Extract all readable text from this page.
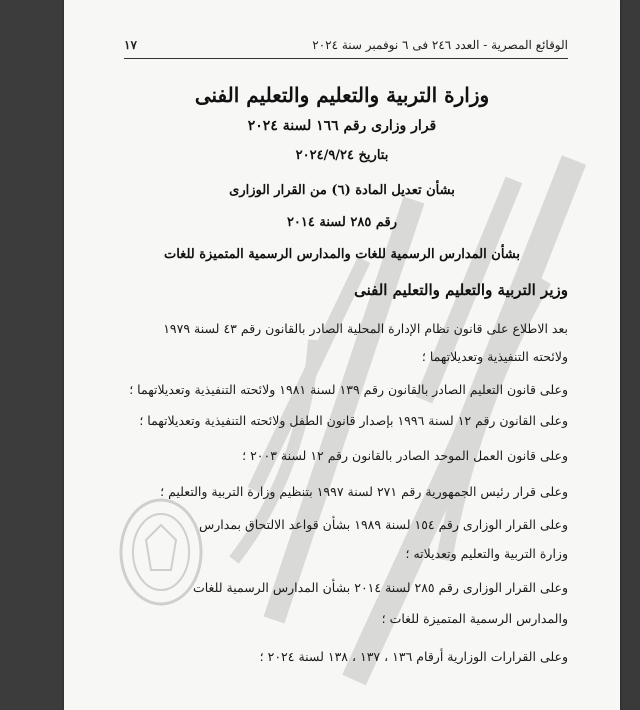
الوقائع المصرية - العدد ٢٤٦ فى ٦ نوفمبر سنة ٢٠٢٤
١٧
وزارة التربية والتعليم والتعليم الفنى
قرار وزارى رقم ١٦٦ لسنة ٢٠٢٤
بتاريخ ٢٠٢٤/٩/٢٤
بشأن تعديل المادة (٦) من القرار الوزارى
رقم ٢٨٥ لسنة ٢٠١٤
بشأن المدارس الرسمية للغات والمدارس الرسمية المتميزة للغات
وزير التربية والتعليم والتعليم الفنى
بعد الاطلاع على قانون نظام الإدارة المحلية الصادر بالقانون رقم ٤٣ لسنة ١٩٧٩
ولائحته التنفيذية وتعديلاتهما ؛
وعلى قانون التعليم الصادر بالقانون رقم ١٣٩ لسنة ١٩٨١ ولائحته التنفيذية وتعديلاتهما ؛
وعلى القانون رقم ١٢ لسنة ١٩٩٦ بإصدار قانون الطفل ولائحته التنفيذية وتعديلاتهما ؛
وعلى قانون العمل الموحد الصادر بالقانون رقم ١٢ لسنة ٢٠٠٣ ؛
وعلى قرار رئيس الجمهورية رقم ٢٧١ لسنة ١٩٩٧ بتنظيم وزارة التربية والتعليم ؛
وعلى القرار الوزارى رقم ١٥٤ لسنة ١٩٨٩ بشأن قواعد الالتحاق بمدارس
وزارة التربية والتعليم وتعديلاته ؛
وعلى القرار الوزارى رقم ٢٨٥ لسنة ٢٠١٤ بشأن المدارس الرسمية للغات
والمدارس الرسمية المتميزة للغات ؛
وعلى القرارات الوزارية أرقام ١٣٦ ، ١٣٧ ، ١٣٨ لسنة ٢٠٢٤ ؛
